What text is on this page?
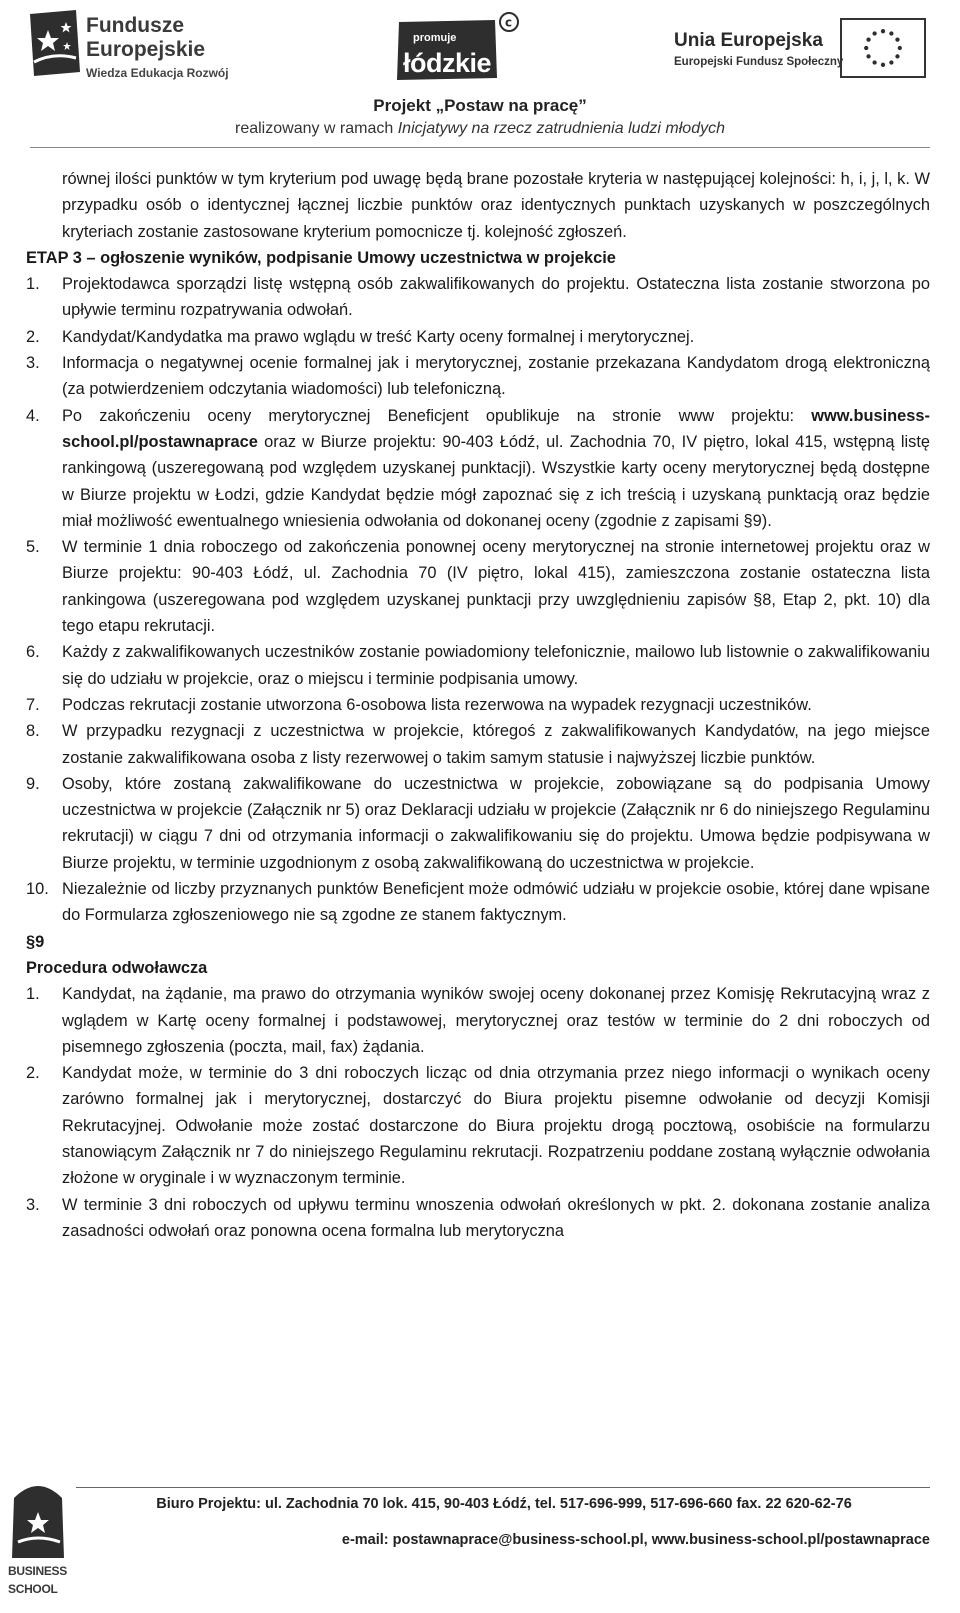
Fundusze
Europejskie
Wiedza Edukacja Rozwój
c
promuje
łódzkie
Unia Europejska
Europejski Fundusz Społeczny
Projekt „Postaw na pracę”
realizowany w ramach Inicjatywy na rzecz zatrudnienia ludzi młodych

równej ilości punktów w tym kryterium pod uwagę będą brane pozostałe kryteria w następującej kolejności: h, i, j, l, k. W przypadku osób o identycznej łącznej liczbie punktów oraz identycznych punktach uzyskanych w poszczególnych kryteriach zostanie zastosowane kryterium pomocnicze tj. kolejność zgłoszeń.

ETAP 3 – ogłoszenie wyników, podpisanie Umowy uczestnictwa w projekcie

1. Projektodawca sporządzi listę wstępną osób zakwalifikowanych do projektu. Ostateczna lista zostanie stworzona po upływie terminu rozpatrywania odwołań.
2. Kandydat/Kandydatka ma prawo wglądu w treść Karty oceny formalnej i merytorycznej.
3. Informacja o negatywnej ocenie formalnej jak i merytorycznej, zostanie przekazana Kandydatom drogą elektroniczną (za potwierdzeniem odczytania wiadomości) lub telefoniczną.
4. Po zakończeniu oceny merytorycznej Beneficjent opublikuje na stronie www projektu: www.business-school.pl/postawnaprace oraz w Biurze projektu: 90-403 Łódź, ul. Zachodnia 70, IV piętro, lokal 415, wstępną listę rankingową (uszeregowaną pod względem uzyskanej punktacji). Wszystkie karty oceny merytorycznej będą dostępne w Biurze projektu w Łodzi, gdzie Kandydat będzie mógł zapoznać się z ich treścią i uzyskaną punktacją oraz będzie miał możliwość ewentualnego wniesienia odwołania od dokonanej oceny (zgodnie z zapisami §9).
5. W terminie 1 dnia roboczego od zakończenia ponownej oceny merytorycznej na stronie internetowej projektu oraz w Biurze projektu: 90-403 Łódź, ul. Zachodnia 70 (IV piętro, lokal 415), zamieszczona zostanie ostateczna lista rankingowa (uszeregowana pod względem uzyskanej punktacji przy uwzględnieniu zapisów §8, Etap 2, pkt. 10) dla tego etapu rekrutacji.
6. Każdy z zakwalifikowanych uczestników zostanie powiadomiony telefonicznie, mailowo lub listownie o zakwalifikowaniu się do udziału w projekcie, oraz o miejscu i terminie podpisania umowy.
7. Podczas rekrutacji zostanie utworzona 6-osobowa lista rezerwowa na wypadek rezygnacji uczestników.
8. W przypadku rezygnacji z uczestnictwa w projekcie, któregoś z zakwalifikowanych Kandydatów, na jego miejsce zostanie zakwalifikowana osoba z listy rezerwowej o takim samym statusie i najwyższej liczbie punktów.
9. Osoby, które zostaną zakwalifikowane do uczestnictwa w projekcie, zobowiązane są do podpisania Umowy uczestnictwa w projekcie (Załącznik nr 5) oraz Deklaracji udziału w projekcie (Załącznik nr 6 do niniejszego Regulaminu rekrutacji) w ciągu 7 dni od otrzymania informacji o zakwalifikowaniu się do projektu. Umowa będzie podpisywana w Biurze projektu, w terminie uzgodnionym z osobą zakwalifikowaną do uczestnictwa w projekcie.
10. Niezależnie od liczby przyznanych punktów Beneficjent może odmówić udziału w projekcie osobie, której dane wpisane do Formularza zgłoszeniowego nie są zgodne ze stanem faktycznym.

§9

Procedura odwoławcza

1. Kandydat, na żądanie, ma prawo do otrzymania wyników swojej oceny dokonanej przez Komisję Rekrutacyjną wraz z wglądem w Kartę oceny formalnej i podstawowej, merytorycznej oraz testów w terminie do 2 dni roboczych od pisemnego zgłoszenia (poczta, mail, fax) żądania.
2. Kandydat może, w terminie do 3 dni roboczych licząc od dnia otrzymania przez niego informacji o wynikach oceny zarówno formalnej jak i merytorycznej, dostarczyć do Biura projektu pisemne odwołanie od decyzji Komisji Rekrutacyjnej. Odwołanie może zostać dostarczone do Biura projektu drogą pocztową, osobiście na formularzu stanowiącym Załącznik nr 7 do niniejszego Regulaminu rekrutacji. Rozpatrzeniu poddane zostaną wyłącznie odwołania złożone w oryginale i w wyznaczonym terminie.
3. W terminie 3 dni roboczych od upływu terminu wnoszenia odwołań określonych w pkt. 2. dokonana zostanie analiza zasadności odwołań oraz ponowna ocena formalna lub merytoryczna
BUSINESS
SCHOOL
Biuro Projektu: ul. Zachodnia 70 lok. 415, 90-403 Łódź, tel. 517-696-999, 517-696-660 fax. 22 620-62-76
e-mail: postawnaprace@business-school.pl, www.business-school.pl/postawnaprace
